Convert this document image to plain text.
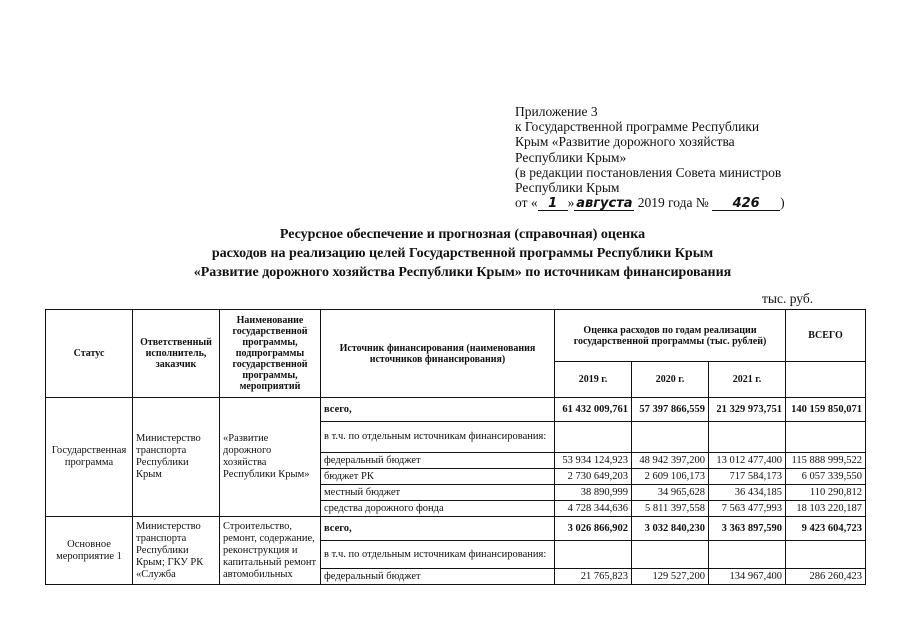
Приложение 3
к Государственной программе Республики
Крым «Развитие дорожного хозяйства
Республики Крым»
(в редакции постановления Совета министров
Республики Крым
от « 1 » августа 2019 года № 426 )
Ресурсное обеспечение и прогнозная (справочная) оценка
расходов на реализацию целей Государственной программы Республики Крым
«Развитие дорожного хозяйства Республики Крым» по источникам финансирования
тыс. руб.
Статус	Ответственный исполнитель, заказчик	Наименование государственной программы, подпрограммы государственной программы, мероприятий	Источник финансирования (наименования источников финансирования)	Оценка расходов по годам реализации государственной программы (тыс. рублей)			ВСЕГО
				2019 г.	2020 г.	2021 г.	
Государственная программа	Министерство транспорта Республики Крым	«Развитие дорожного хозяйства Республики Крым»	всего,	61 432 009,761	57 397 866,559	21 329 973,751	140 159 850,071
			в т.ч. по отдельным источникам финансирования:				
			федеральный бюджет	53 934 124,923	48 942 397,200	13 012 477,400	115 888 999,522
			бюджет РК	2 730 649,203	2 609 106,173	717 584,173	6 057 339,550
			местный бюджет	38 890,999	34 965,628	36 434,185	110 290,812
			средства дорожного фонда	4 728 344,636	5 811 397,558	7 563 477,993	18 103 220,187
Основное мероприятие 1	Министерство транспорта Республики Крым; ГКУ РК «Служба	Строительство, ремонт, содержание, реконструкция и капитальный ремонт автомобильных	всего,	3 026 866,902	3 032 840,230	3 363 897,590	9 423 604,723
			в т.ч. по отдельным источникам финансирования:				
			федеральный бюджет	21 765,823	129 527,200	134 967,400	286 260,423
